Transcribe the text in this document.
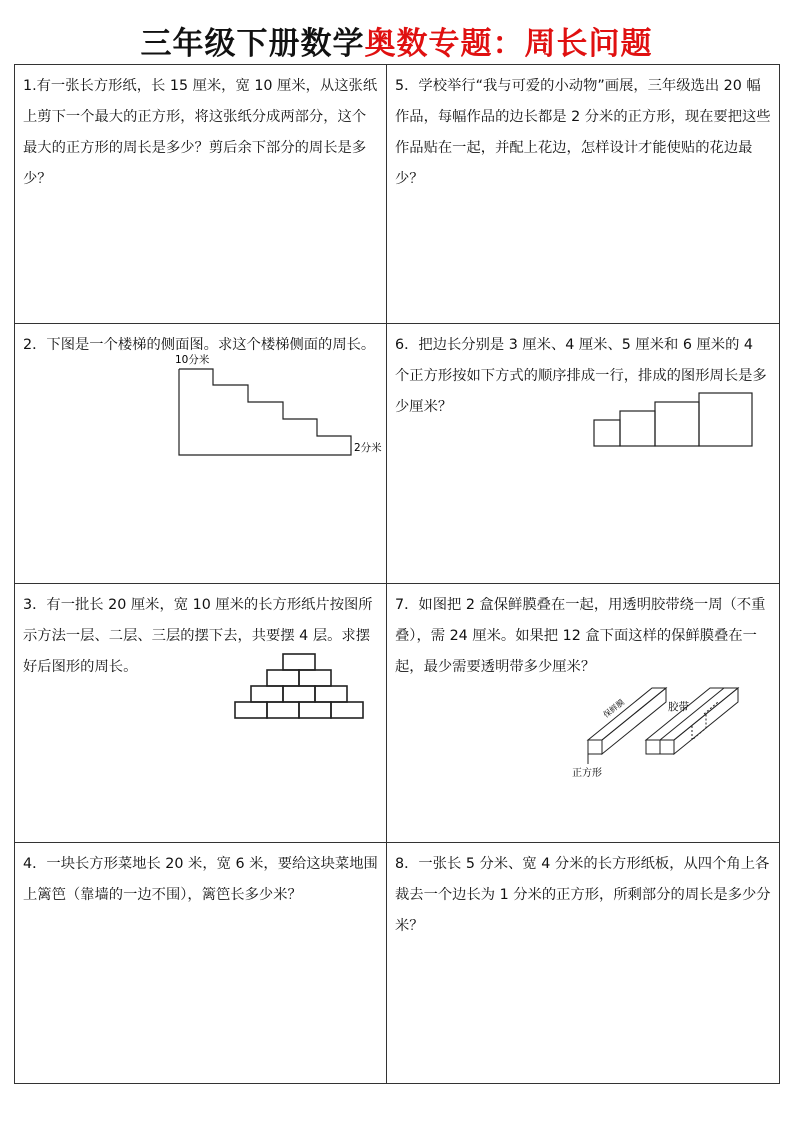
三年级下册数学奥数专题：周长问题

1.有一张长方形纸，长 15 厘米，宽 10 厘米，从这张纸上剪下一个最大的正方形，将这张纸分成两部分，这个最大的正方形的周长是多少？剪后余下部分的周长是多少？

2．下图是一个楼梯的侧面图。求这个楼梯侧面的周长。

10分米
2分米

3．有一批长 20 厘米，宽 10 厘米的长方形纸片按图所示方法一层、二层、三层的摆下去，共要摆 4 层。求摆好后图形的周长。

4．一块长方形菜地长 20 米，宽 6 米，要给这块菜地围上篱笆（靠墙的一边不围），篱笆长多少米？

5．学校举行“我与可爱的小动物”画展，三年级选出 20 幅作品，每幅作品的边长都是 2 分米的正方形，现在要把这些作品贴在一起，并配上花边，怎样设计才能使贴的花边最少？

6．把边长分别是 3 厘米、4 厘米、5 厘米和 6 厘米的 4 个正方形按如下方式的顺序排成一行，排成的图形周长是多少厘米？

7．如图把 2 盒保鲜膜叠在一起，用透明胶带绕一周（不重叠），需 24 厘米。如果把 12 盒下面这样的保鲜膜叠在一起，最少需要透明带多少厘米？

保鲜膜	胶带
正方形

8．一张长 5 分米、宽 4 分米的长方形纸板，从四个角上各裁去一个边长为 1 分米的正方形，所剩部分的周长是多少分米？
